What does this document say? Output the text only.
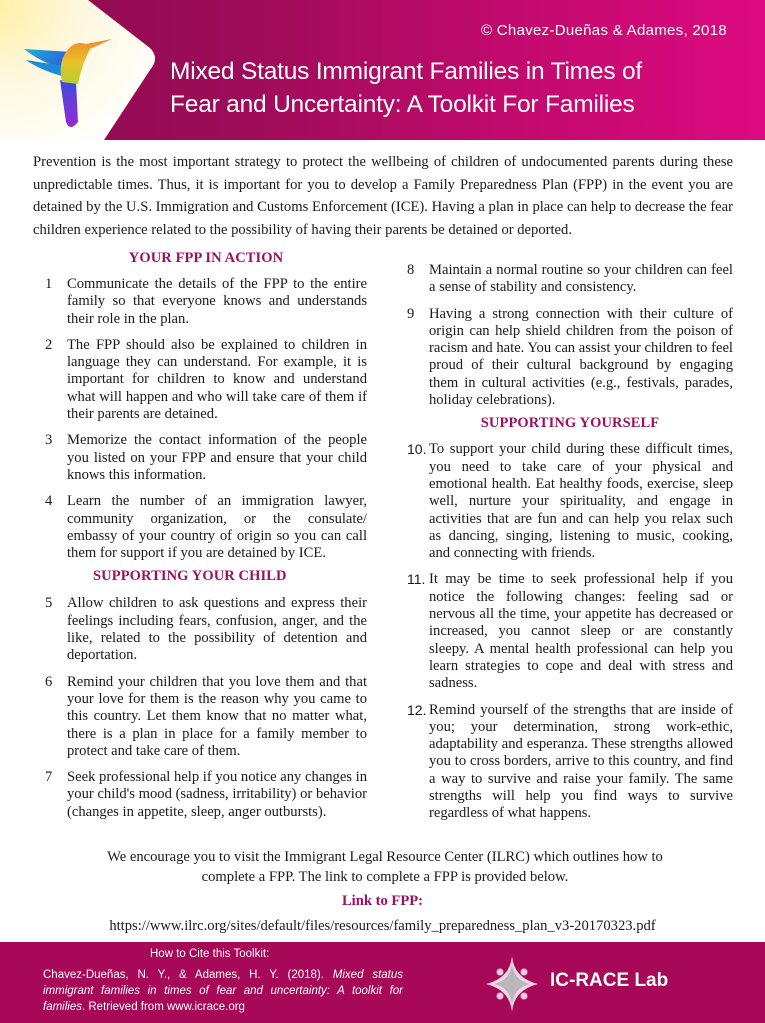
© Chavez-Dueñas & Adames, 2018
Mixed Status Immigrant Families in Times of
Fear and Uncertainty: A Toolkit For Families

Prevention is the most important strategy to protect the wellbeing of children of undocumented parents during these unpredictable times. Thus, it is important for you to develop a Family Preparedness Plan (FPP) in the event you are detained by the U.S. Immigration and Customs Enforcement (ICE). Having a plan in place can help to decrease the fear children experience related to the possibility of having their parents be detained or deported.

YOUR FPP IN ACTION
1	Communicate the details of the FPP to the entire family so that everyone knows and understands their role in the plan.
2	The FPP should also be explained to children in language they can understand. For example, it is important for children to know and understand what will happen and who will take care of them if their parents are detained.
3	Memorize the contact information of the people you listed on your FPP and ensure that your child knows this information.
4	Learn the number of an immigration lawyer, community organization, or the consulate/ embassy of your country of origin so you can call them for support if you are detained by ICE.
SUPPORTING YOUR CHILD
5	Allow children to ask questions and express their feelings including fears, confusion, anger, and the like, related to the possibility of detention and deportation.
6	Remind your children that you love them and that your love for them is the reason why you came to this country. Let them know that no matter what, there is a plan in place for a family member to protect and take care of them.
7	Seek professional help if you notice any changes in your child's mood (sadness, irritability) or behavior (changes in appetite, sleep, anger outbursts).
8	Maintain a normal routine so your children can feel a sense of stability and consistency.
9	Having a strong connection with their culture of origin can help shield children from the poison of racism and hate. You can assist your children to feel proud of their cultural background by engaging them in cultural activities (e.g., festivals, parades, holiday celebrations).
SUPPORTING YOURSELF
10. To support your child during these difficult times, you need to take care of your physical and emotional health. Eat healthy foods, exercise, sleep well, nurture your spirituality, and engage in activities that are fun and can help you relax such as dancing, singing, listening to music, cooking, and connecting with friends.
11. It may be time to seek professional help if you notice the following changes: feeling sad or nervous all the time, your appetite has decreased or increased, you cannot sleep or are constantly sleepy. A mental health professional can help you learn strategies to cope and deal with stress and sadness.
12. Remind yourself of the strengths that are inside of you; your determination, strong work-ethic, adaptability and esperanza. These strengths allowed you to cross borders, arrive to this country, and find a way to survive and raise your family. The same strengths will help you find ways to survive regardless of what happens.
We encourage you to visit the Immigrant Legal Resource Center (ILRC) which outlines how to
complete a FPP. The link to complete a FPP is provided below.
Link to FPP:
https://www.ilrc.org/sites/default/files/resources/family_preparedness_plan_v3-20170323.pdf
How to Cite this Toolkit:
Chavez-Dueñas, N. Y., & Adames, H. Y. (2018). Mixed status immigrant families in times of fear and uncertainty: A toolkit for families. Retrieved from www.icrace.org
IC-RACE Lab
